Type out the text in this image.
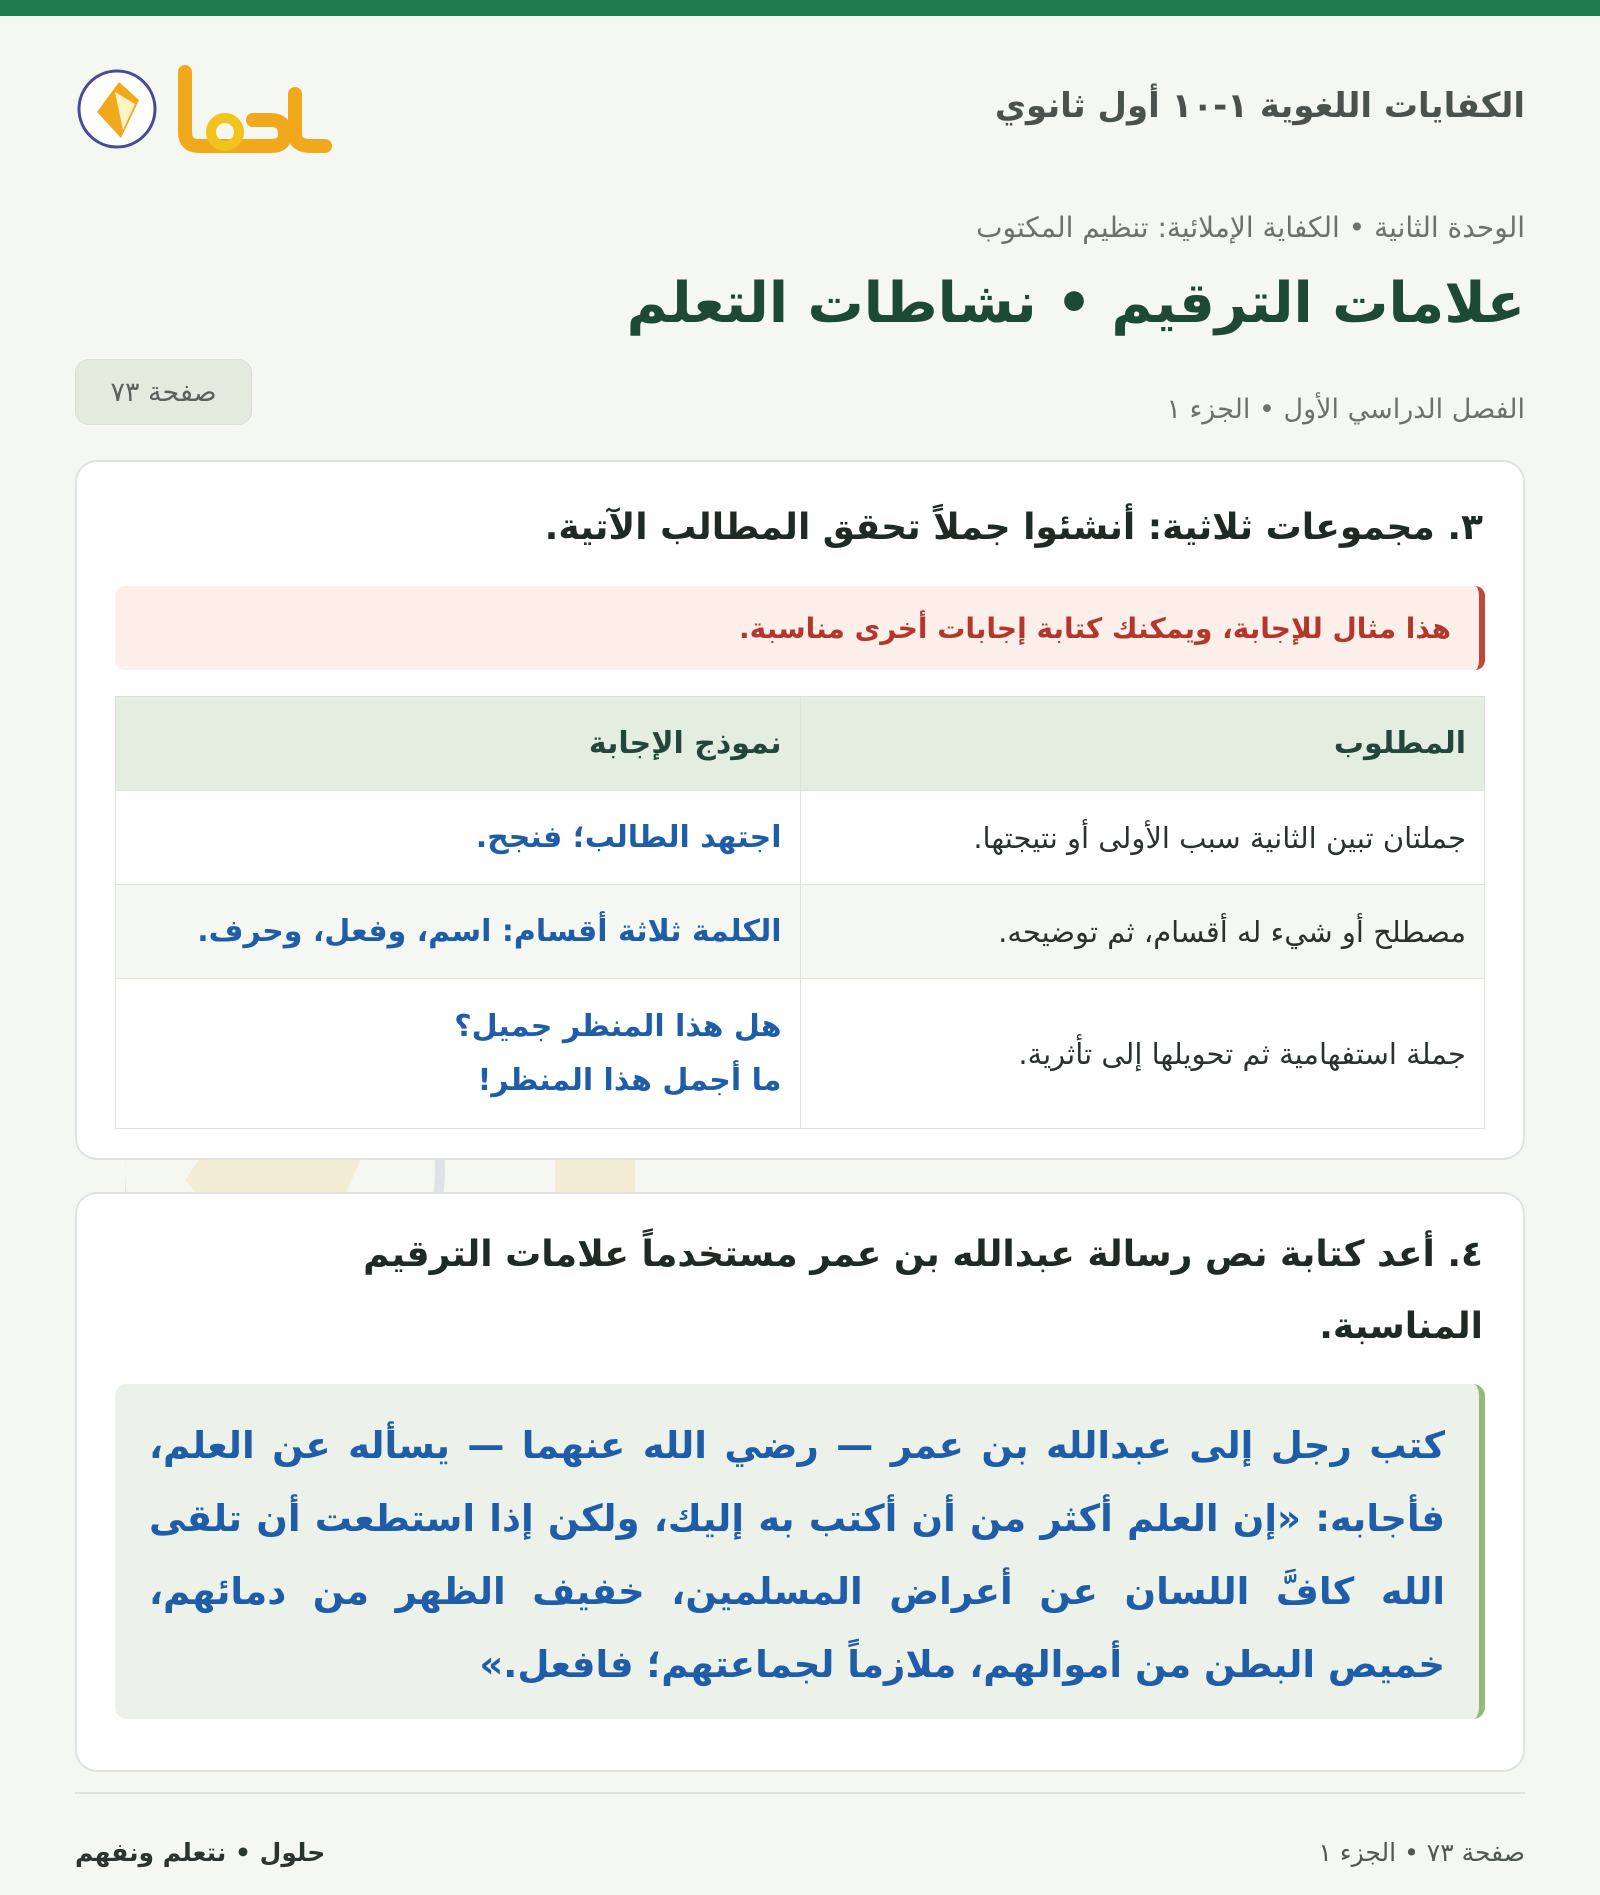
الكفايات اللغوية ١-١٠ أول ثانوي
الوحدة الثانية • الكفاية الإملائية: تنظيم المكتوب
علامات الترقيم • نشاطات التعلم
الفصل الدراسي الأول • الجزء ١
صفحة ٧٣
٣. مجموعات ثلاثية: أنشئوا جملاً تحقق المطالب الآتية.
هذا مثال للإجابة، ويمكنك كتابة إجابات أخرى مناسبة.
المطلوب	نموذج الإجابة
جملتان تبين الثانية سبب الأولى أو نتيجتها.	اجتهد الطالب؛ فنجح.

مصطلح أو شيء له أقسام، ثم توضيحه.	الكلمة ثلاثة أقسام: اسم، وفعل، وحرف.

جملة استفهامية ثم تحويلها إلى تأثرية.	هل هذا المنظر جميل؟
ما أجمل هذا المنظر!
٤. أعد كتابة نص رسالة عبدالله بن عمر مستخدماً علامات الترقيم المناسبة.
كتب رجل إلى عبدالله بن عمر — رضي الله عنهما — يسأله عن العلم، فأجابه: «إن العلم أكثر من أن أكتب به إليك، ولكن إذا استطعت أن تلقى الله كافَّ اللسان عن أعراض المسلمين، خفيف الظهر من دمائهم، خميص البطن من أموالهم، ملازماً لجماعتهم؛ فافعل.»
صفحة ٧٣ • الجزء ١
حلول • نتعلم ونفهم
